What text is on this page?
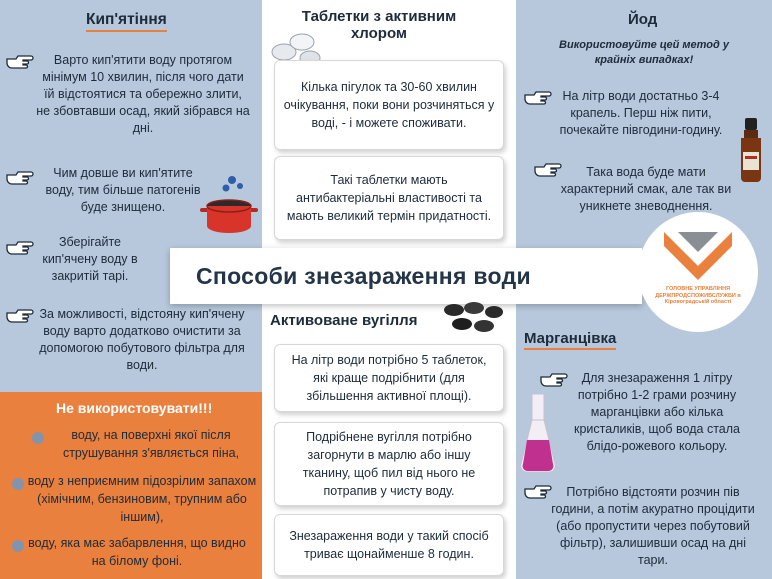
Кип'ятіння
Варто кип'ятити воду протягом мінімум 10 хвилин, після чого дати їй відстоятися та обережно злити, не збовтавши осад, який зібрався на дні.
Чим довше ви кип'ятите воду, тим більше патогенів буде знищено.
Зберігайте кип'ячену воду в закритій тарі.
За можливості, відстояну кип'ячену воду варто додатково очистити за допомогою побутового фільтра для води.
Не використовувати!!!
воду, на поверхні якої після струшування з'являється піна,
воду з неприємним підозрілим запахом (хімічним, бензиновим, трупним або іншим),
воду, яка має забарвлення, що видно на білому фоні.
Таблетки з активним хлором
Кілька пігулок та 30-60 хвилин очікування, поки вони розчиняться у воді, - і можете споживати.
Такі таблетки мають антибактеріальні властивості та мають великий термін придатності.
Способи знезараження води
ГОЛОВНЕ УПРАВЛІННЯ ДЕРЖПРОДСПОЖИВСЛУЖБИ в Кіровоградській області
Активоване вугілля
На літр води потрібно 5 таблеток, які краще подрібнити (для збільшення активної площі).
Подрібнене вугілля потрібно загорнути в марлю або іншу тканину, щоб пил від нього не потрапив у чисту воду.
Знезараження води у такий спосіб триває щонайменше 8 годин.
Йод
Використовуйте цей метод у крайніх випадках!
На літр води достатньо 3-4 крапель. Перш ніж пити, почекайте півгодини-годину.
Така вода буде мати характерний смак, але так ви уникнете зневоднення.
Марганцівка
Для знезараження 1 літру потрібно 1-2 грами розчину марганцівки або кілька кристаликів, щоб вода стала блідо-рожевого кольору.
Потрібно відстояти розчин пів години, а потім акуратно процідити (або пропустити через побутовий фільтр), залишивши осад на дні тари.
